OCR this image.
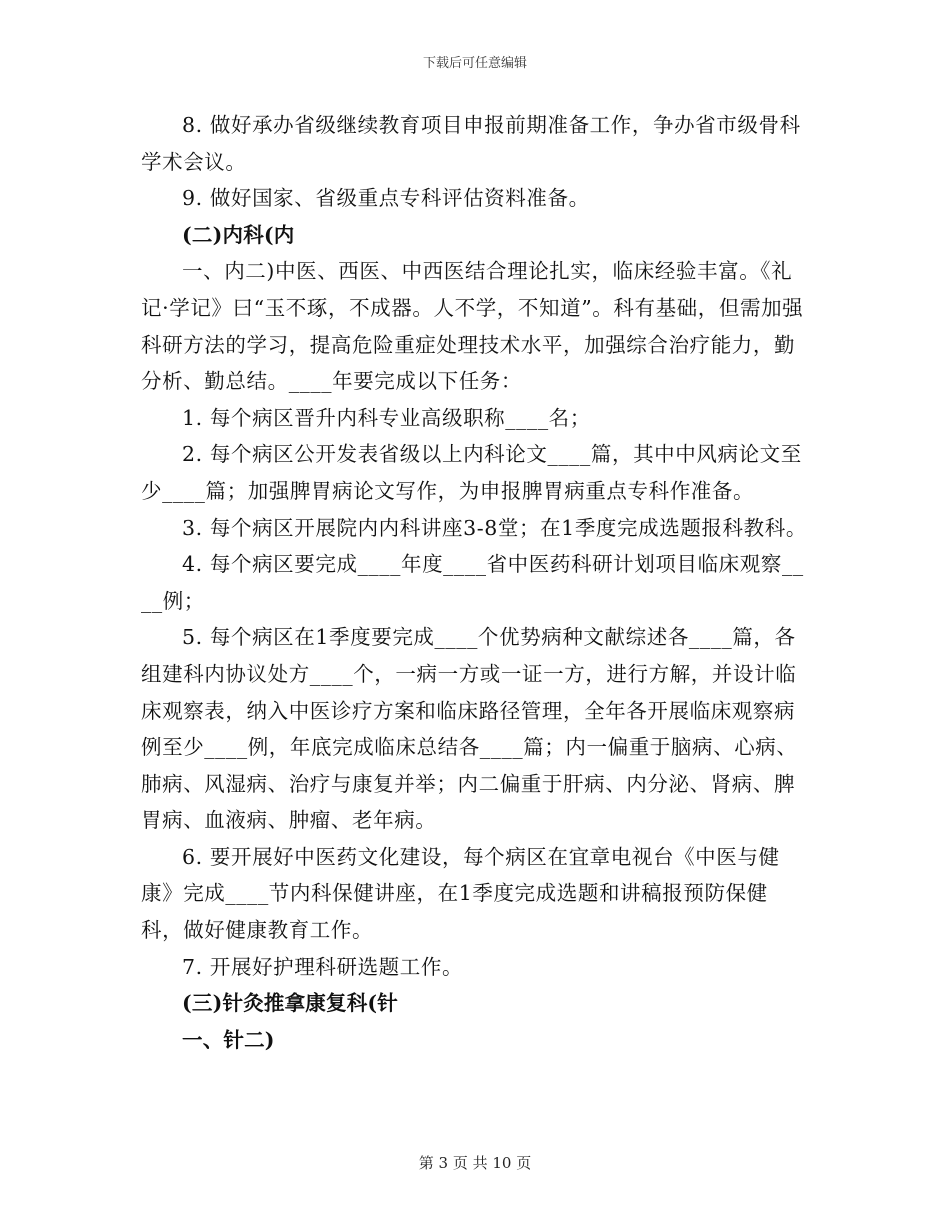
下载后可任意编辑

8. 做好承办省级继续教育项目申报前期准备工作，争办省市级骨科学术会议。

9. 做好国家、省级重点专科评估资料准备。

(二)内科(内

一、内二)中医、西医、中西医结合理论扎实，临床经验丰富。《礼记·学记》曰“玉不琢，不成器。人不学，不知道”。科有基础，但需加强科研方法的学习，提高危险重症处理技术水平，加强综合治疗能力，勤分析、勤总结。____年要完成以下任务：

1. 每个病区晋升内科专业高级职称____名；

2. 每个病区公开发表省级以上内科论文____篇，其中中风病论文至少____篇；加强脾胃病论文写作，为申报脾胃病重点专科作准备。

3. 每个病区开展院内内科讲座3-8堂；在1季度完成选题报科教科。

4. 每个病区要完成____年度____省中医药科研计划项目临床观察____例；

5. 每个病区在1季度要完成____个优势病种文献综述各____篇，各组建科内协议处方____个，一病一方或一证一方，进行方解，并设计临床观察表，纳入中医诊疗方案和临床路径管理，全年各开展临床观察病例至少____例，年底完成临床总结各____篇；内一偏重于脑病、心病、肺病、风湿病、治疗与康复并举；内二偏重于肝病、内分泌、肾病、脾胃病、血液病、肿瘤、老年病。

6. 要开展好中医药文化建设，每个病区在宜章电视台《中医与健康》完成____节内科保健讲座，在1季度完成选题和讲稿报预防保健科，做好健康教育工作。

7. 开展好护理科研选题工作。

(三)针灸推拿康复科(针

一、针二)

第 3 页 共 10 页
